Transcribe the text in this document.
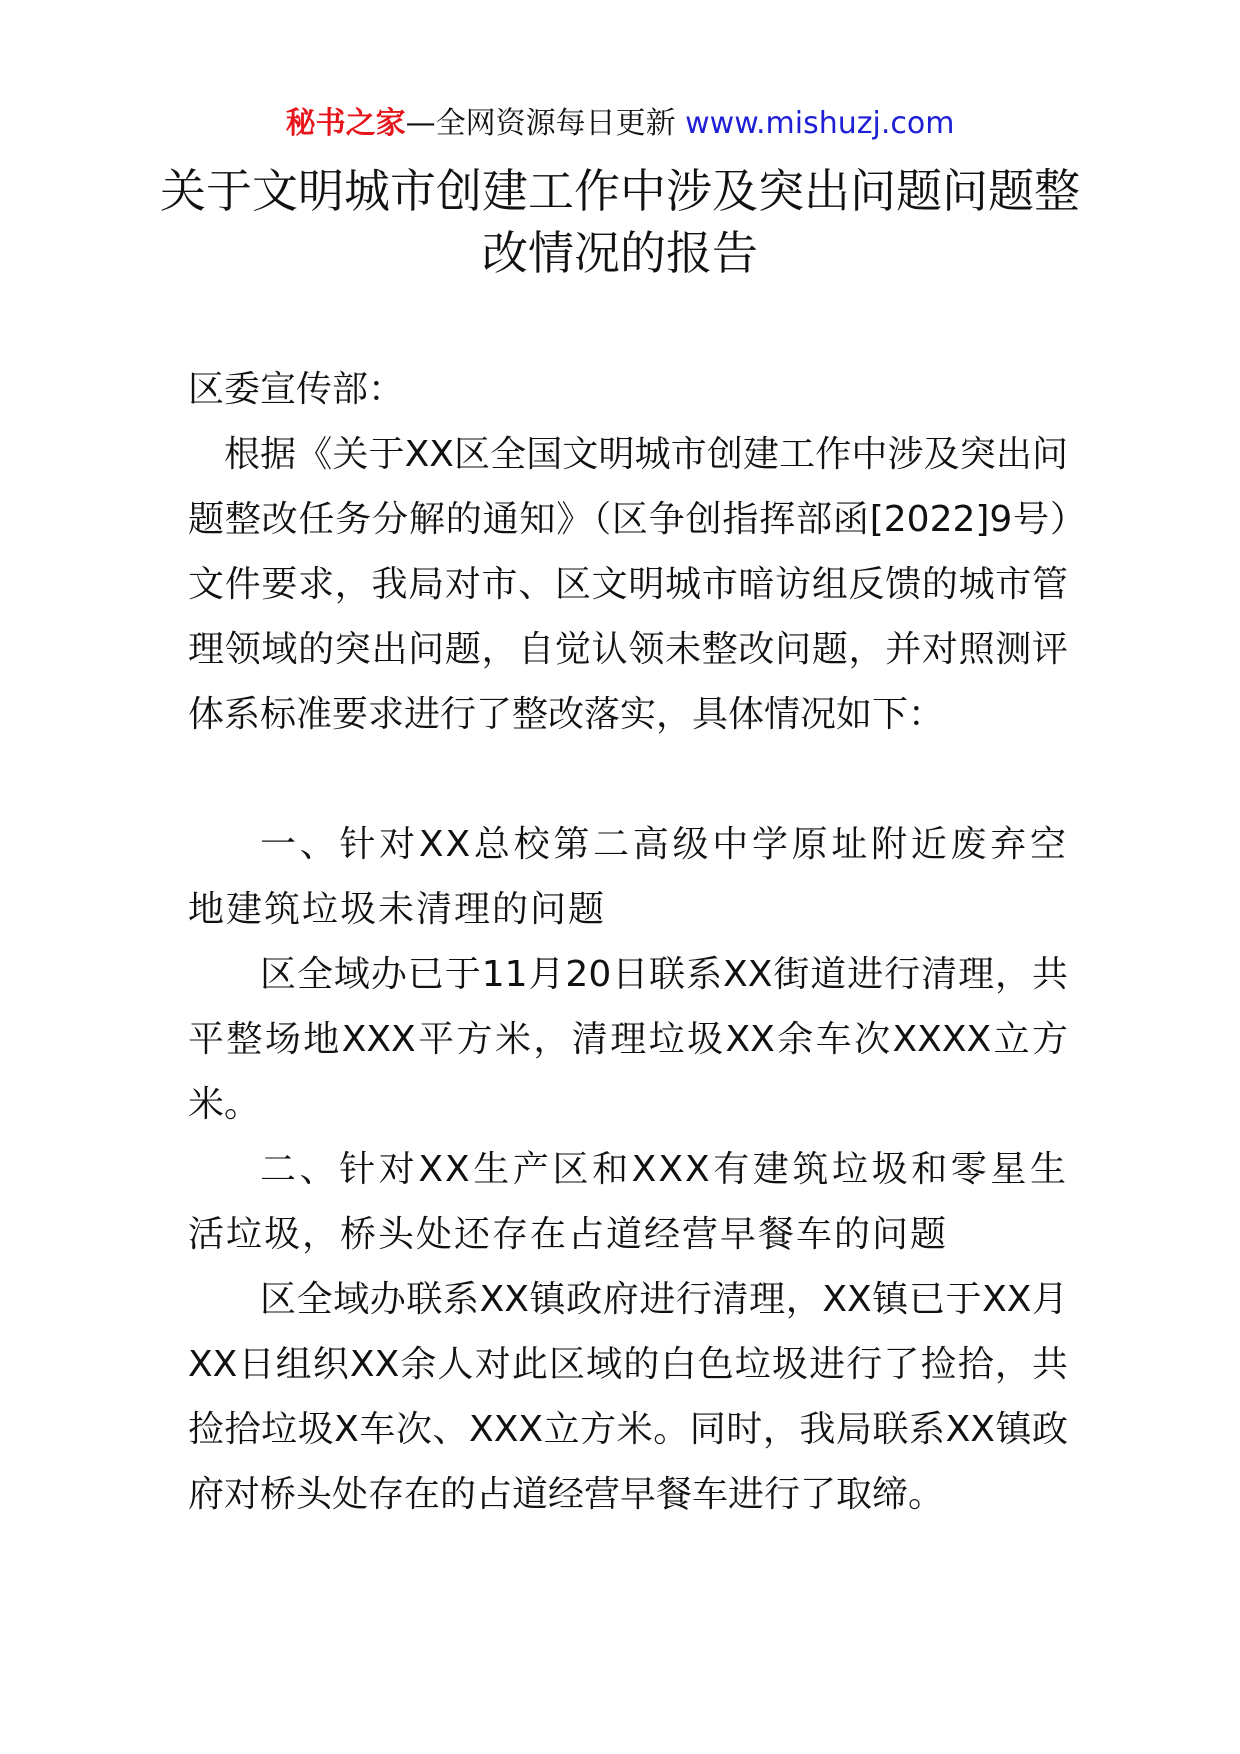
秘书之家—全网资源每日更新 www.mishuzj.com
关于文明城市创建工作中涉及突出问题问题整改情况的报告
区委宣传部：

根据《关于XX区全国文明城市创建工作中涉及突出问题整改任务分解的通知》（区争创指挥部函[2022]9号）文件要求，我局对市、区文明城市暗访组反馈的城市管理领域的突出问题，自觉认领未整改问题，并对照测评体系标准要求进行了整改落实，具体情况如下：

一、针对XX总校第二高级中学原址附近废弃空地建筑垃圾未清理的问题

区全域办已于11月20日联系XX街道进行清理，共平整场地XXX平方米，清理垃圾XX余车次XXXX立方米。

二、针对XX生产区和XXX有建筑垃圾和零星生活垃圾，桥头处还存在占道经营早餐车的问题

区全域办联系XX镇政府进行清理，XX镇已于XX月XX日组织XX余人对此区域的白色垃圾进行了捡拾，共捡拾垃圾X车次、XXX立方米。同时，我局联系XX镇政府对桥头处存在的占道经营早餐车进行了取缔。
